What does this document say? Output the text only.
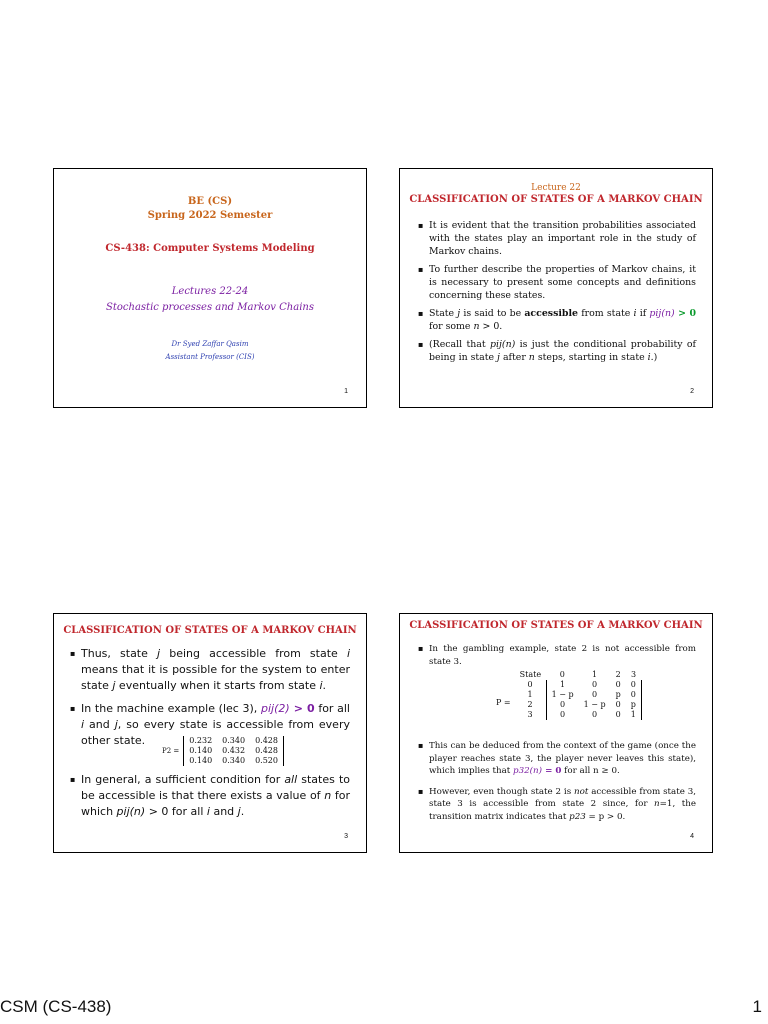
BE (CS)
Spring 2022 Semester
CS-438: Computer Systems Modeling
Lectures 22-24
Stochastic processes and Markov Chains
Dr Syed Zaffar Qasim
Assistant Professor (CIS)
1
Lecture 22
CLASSIFICATION OF STATES OF A MARKOV CHAIN
▪ It is evident that the transition probabilities associated with the states play an important role in the study of Markov chains.
▪ To further describe the properties of Markov chains, it is necessary to present some concepts and definitions concerning these states.
▪ State j is said to be accessible from state i if pij(n) > 0 for some n > 0.
▪ (Recall that pij(n) is just the conditional probability of being in state j after n steps, starting in state i.)
2
CLASSIFICATION OF STATES OF A MARKOV CHAIN
▪ Thus, state j being accessible from state i means that it is possible for the system to enter state j eventually when it starts from state i.
▪ In the machine example (lec 3), pij(2) > 0 for all i and j, so every state is accessible from every other state.
P2 =
0.232	0.340	0.428
0.140	0.432	0.428
0.140	0.340	0.520
▪ In general, a sufficient condition for all states to be accessible is that there exists a value of n for which pij(n) > 0 for all i and j.
3
CLASSIFICATION OF STATES OF A MARKOV CHAIN
▪ In the gambling example, state 2 is not accessible from state 3.
P =
State	0	1	2	3
0	1	0	0	0
1	1 − p	0	p	0
2	0	1 − p	0	p
3	0	0	0	1
▪ This can be deduced from the context of the game (once the player reaches state 3, the player never leaves this state), which implies that p32(n) = 0 for all n ≥ 0.
▪ However, even though state 2 is not accessible from state 3, state 3 is accessible from state 2 since, for n=1, the transition matrix indicates that p23 = p > 0.
4
CSM (CS-438)	1
